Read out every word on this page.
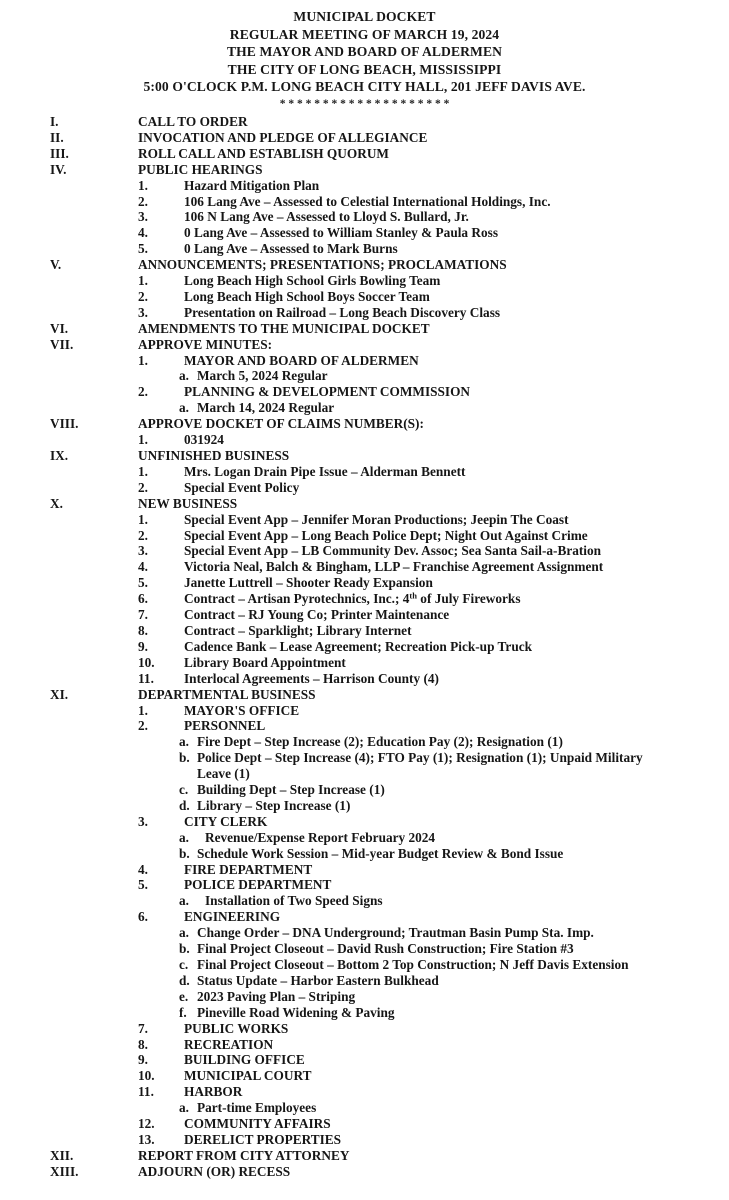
MUNICIPAL DOCKET
REGULAR MEETING OF MARCH 19, 2024
THE MAYOR AND BOARD OF ALDERMEN
THE CITY OF LONG BEACH, MISSISSIPPI
5:00 O'CLOCK P.M. LONG BEACH CITY HALL, 201 JEFF DAVIS AVE.
* * * * * * * * * * * * * * * * * * * *
I.	CALL TO ORDER
II.	INVOCATION AND PLEDGE OF ALLEGIANCE
III.	ROLL CALL AND ESTABLISH QUORUM
IV.	PUBLIC HEARINGS
1.	Hazard Mitigation Plan
2.	106 Lang Ave – Assessed to Celestial International Holdings, Inc.
3.	106 N Lang Ave – Assessed to Lloyd S. Bullard, Jr.
4.	0 Lang Ave – Assessed to William Stanley & Paula Ross
5.	0 Lang Ave – Assessed to Mark Burns
V.	ANNOUNCEMENTS; PRESENTATIONS; PROCLAMATIONS
1.	Long Beach High School Girls Bowling Team
2.	Long Beach High School Boys Soccer Team
3.	Presentation on Railroad – Long Beach Discovery Class
VI.	AMENDMENTS TO THE MUNICIPAL DOCKET
VII.	APPROVE MINUTES:
1.	MAYOR AND BOARD OF ALDERMEN
a. March 5, 2024 Regular
2.	PLANNING & DEVELOPMENT COMMISSION
a. March 14, 2024 Regular
VIII.	APPROVE DOCKET OF CLAIMS NUMBER(S):
1.	031924
IX.	UNFINISHED BUSINESS
1.	Mrs. Logan Drain Pipe Issue – Alderman Bennett
2.	Special Event Policy
X.	NEW BUSINESS
1.	Special Event App – Jennifer Moran Productions; Jeepin The Coast
2.	Special Event App – Long Beach Police Dept; Night Out Against Crime
3.	Special Event App – LB Community Dev. Assoc; Sea Santa Sail-a-Bration
4.	Victoria Neal, Balch & Bingham, LLP – Franchise Agreement Assignment
5.	Janette Luttrell – Shooter Ready Expansion
6.	Contract – Artisan Pyrotechnics, Inc.; 4th of July Fireworks
7.	Contract – RJ Young Co; Printer Maintenance
8.	Contract – Sparklight; Library Internet
9.	Cadence Bank – Lease Agreement; Recreation Pick-up Truck
10. Library Board Appointment
11. Interlocal Agreements – Harrison County (4)
XI.	DEPARTMENTAL BUSINESS
1.	MAYOR'S OFFICE
2.	PERSONNEL
a. Fire Dept – Step Increase (2); Education Pay (2); Resignation (1)
b. Police Dept – Step Increase (4); FTO Pay (1); Resignation (1); Unpaid Military Leave (1)
c. Building Dept – Step Increase (1)
d. Library – Step Increase (1)
3.	CITY CLERK
a. Revenue/Expense Report February 2024
b. Schedule Work Session – Mid-year Budget Review & Bond Issue
4.	FIRE DEPARTMENT
5.	POLICE DEPARTMENT
a. Installation of Two Speed Signs
6.	ENGINEERING
a. Change Order – DNA Underground; Trautman Basin Pump Sta. Imp.
b. Final Project Closeout – David Rush Construction; Fire Station #3
c. Final Project Closeout – Bottom 2 Top Construction; N Jeff Davis Extension
d. Status Update – Harbor Eastern Bulkhead
e. 2023 Paving Plan – Striping
f. Pineville Road Widening & Paving
7.	PUBLIC WORKS
8.	RECREATION
9.	BUILDING OFFICE
10. MUNICIPAL COURT
11. HARBOR
a. Part-time Employees
12. COMMUNITY AFFAIRS
13. DERELICT PROPERTIES
XII.	REPORT FROM CITY ATTORNEY
XIII.	ADJOURN (OR) RECESS
